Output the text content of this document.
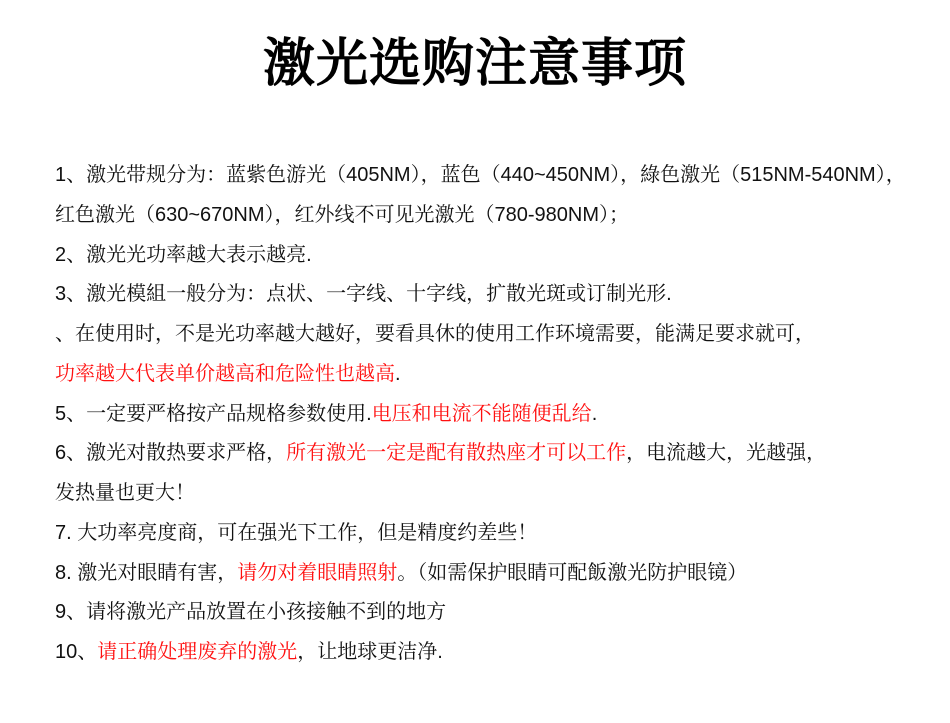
激光选购注意事项
1、激光带规分为：蓝紫色游光（405NM），蓝色（440~450NM），綠色激光（515NM-540NM），
红色激光（630~670NM），红外线不可见光激光（780-980NM）；
2、激光光功率越大表示越亮.
3、激光模組一般分为：点状、一字线、十字线，扩散光斑或订制光形.
、在使用时，不是光功率越大越好，要看具休的使用工作环境需要，能满足要求就可，
功率越大代表单价越高和危险性也越高.
5、一定要严格按产品规格参数使用.电压和电流不能随便乱给.
6、激光对散热要求严格，所有激光一定是配有散热座才可以工作，电流越大，光越强，
发热量也更大！
7. 大功率亮度商，可在强光下工作，但是精度约差些！
8. 激光对眼睛有害，请勿对着眼睛照射。（如需保护眼睛可配飯激光防护眼镜）
9、请将激光产品放置在小孩接触不到的地方
10、请正确处理废弃的激光，让地球更洁净.
